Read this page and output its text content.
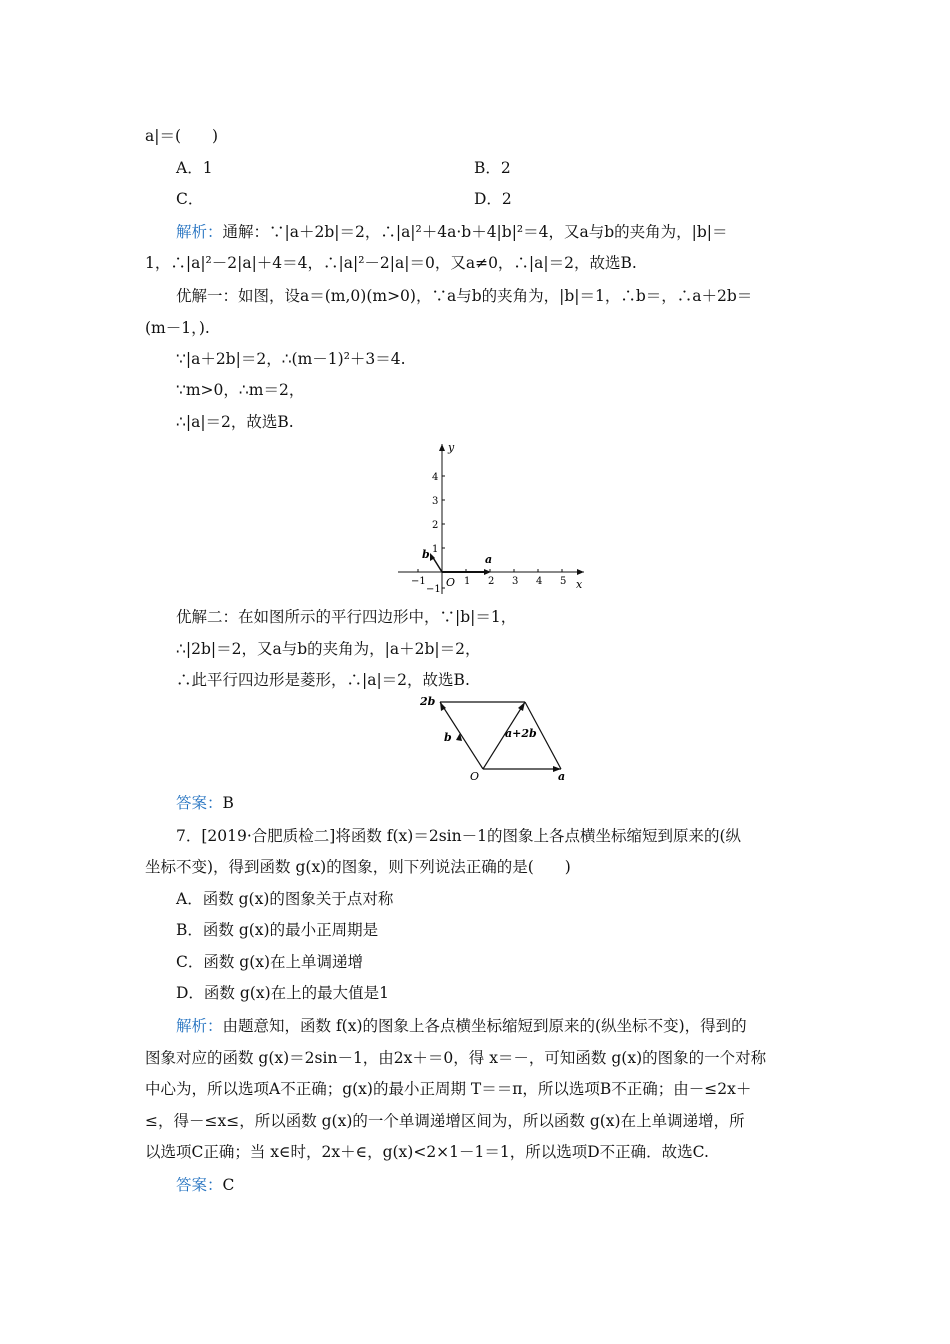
a|＝(　　)
A．1	B．2
C．	D．2
解析：通解：∵|a＋2b|＝2，∴|a|²＋4a·b＋4|b|²＝4，又a与b的夹角为，|b|＝
1，∴|a|²－2|a|＋4＝4，∴|a|²－2|a|＝0，又a≠0，∴|a|＝2，故选B.
优解一：如图，设a＝(m,0)(m>0)，∵a与b的夹角为，|b|＝1，∴b＝，∴a＋2b＝
(m－1，).
∵|a＋2b|＝2，∴(m－1)²＋3＝4.
∵m>0，∴m＝2，
∴|a|＝2，故选B.
y
x
O
−1	1 2 3 4 5
4
3
2
1
−1
a
b
优解二：在如图所示的平行四边形中，∵|b|＝1，
∴|2b|＝2，又a与b的夹角为，|a＋2b|＝2，
∴此平行四边形是菱形，∴|a|＝2，故选B.
2b
b	a+2b
O	a
答案：B
7．[2019·合肥质检二]将函数 f(x)＝2sin－1的图象上各点横坐标缩短到原来的(纵
坐标不变)，得到函数 g(x)的图象，则下列说法正确的是(　　)
A．函数 g(x)的图象关于点对称
B．函数 g(x)的最小正周期是
C．函数 g(x)在上单调递增
D．函数 g(x)在上的最大值是1
解析：由题意知，函数 f(x)的图象上各点横坐标缩短到原来的(纵坐标不变)，得到的
图象对应的函数 g(x)＝2sin－1，由2x＋＝0，得 x＝－，可知函数 g(x)的图象的一个对称
中心为，所以选项A不正确；g(x)的最小正周期 T＝＝π，所以选项B不正确；由－≤2x＋
≤，得－≤x≤，所以函数 g(x)的一个单调递增区间为，所以函数 g(x)在上单调递增，所
以选项C正确；当 x∈时，2x＋∈，g(x)<2×1－1＝1，所以选项D不正确．故选C.
答案：C
